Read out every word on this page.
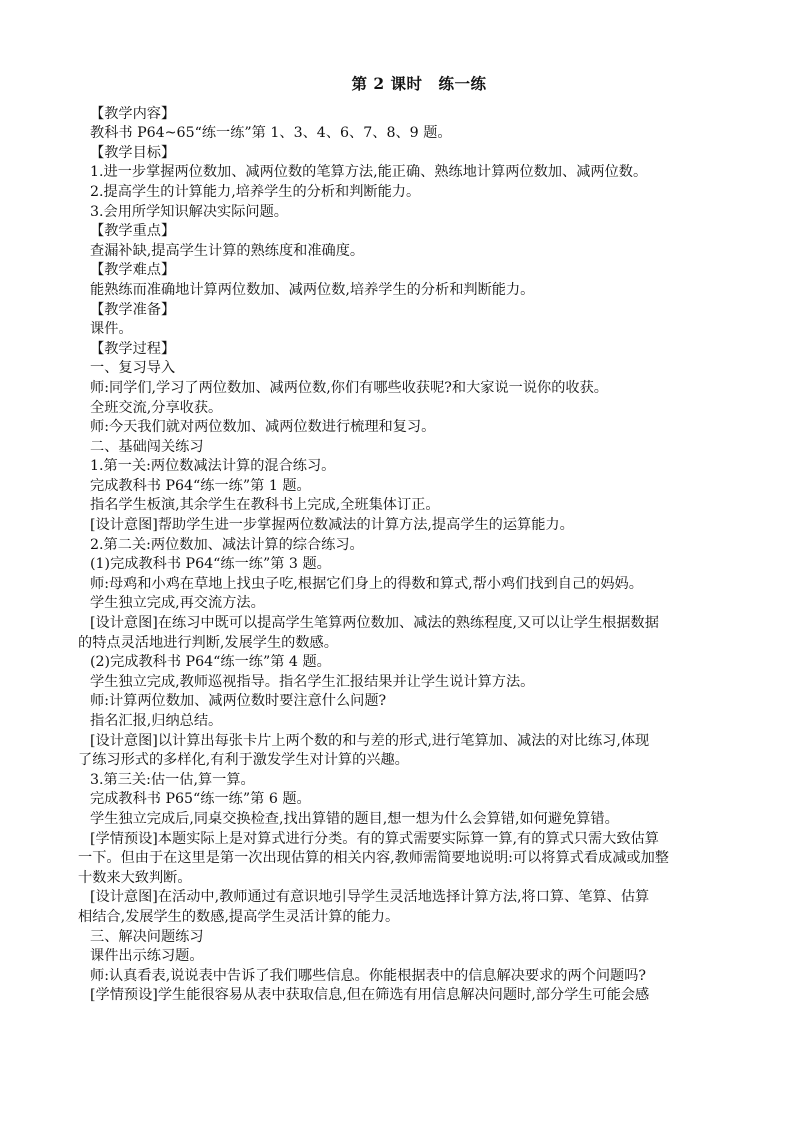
第 2 课时　练一练
【教学内容】
教科书 P64~65“练一练”第 1、3、4、6、7、8、9 题。
【教学目标】
1.进一步掌握两位数加、减两位数的笔算方法,能正确、熟练地计算两位数加、减两位数。
2.提高学生的计算能力,培养学生的分析和判断能力。
3.会用所学知识解决实际问题。
【教学重点】
查漏补缺,提高学生计算的熟练度和准确度。
【教学难点】
能熟练而准确地计算两位数加、减两位数,培养学生的分析和判断能力。
【教学准备】
课件。
【教学过程】
一、复习导入
师:同学们,学习了两位数加、减两位数,你们有哪些收获呢?和大家说一说你的收获。
全班交流,分享收获。
师:今天我们就对两位数加、减两位数进行梳理和复习。
二、基础闯关练习
1.第一关:两位数减法计算的混合练习。
完成教科书 P64“练一练”第 1 题。
指名学生板演,其余学生在教科书上完成,全班集体订正。
[设计意图]帮助学生进一步掌握两位数减法的计算方法,提高学生的运算能力。
2.第二关:两位数加、减法计算的综合练习。
(1)完成教科书 P64“练一练”第 3 题。
师:母鸡和小鸡在草地上找虫子吃,根据它们身上的得数和算式,帮小鸡们找到自己的妈妈。
学生独立完成,再交流方法。
[设计意图]在练习中既可以提高学生笔算两位数加、减法的熟练程度,又可以让学生根据数据
的特点灵活地进行判断,发展学生的数感。
(2)完成教科书 P64“练一练”第 4 题。
学生独立完成,教师巡视指导。指名学生汇报结果并让学生说计算方法。
师:计算两位数加、减两位数时要注意什么问题?
指名汇报,归纳总结。
[设计意图]以计算出每张卡片上两个数的和与差的形式,进行笔算加、减法的对比练习,体现
了练习形式的多样化,有利于激发学生对计算的兴趣。
3.第三关:估一估,算一算。
完成教科书 P65“练一练”第 6 题。
学生独立完成后,同桌交换检查,找出算错的题目,想一想为什么会算错,如何避免算错。
[学情预设]本题实际上是对算式进行分类。有的算式需要实际算一算,有的算式只需大致估算
一下。但由于在这里是第一次出现估算的相关内容,教师需简要地说明:可以将算式看成减或加整
十数来大致判断。
[设计意图]在活动中,教师通过有意识地引导学生灵活地选择计算方法,将口算、笔算、估算
相结合,发展学生的数感,提高学生灵活计算的能力。
三、解决问题练习
课件出示练习题。
师:认真看表,说说表中告诉了我们哪些信息。你能根据表中的信息解决要求的两个问题吗?
[学情预设]学生能很容易从表中获取信息,但在筛选有用信息解决问题时,部分学生可能会感
